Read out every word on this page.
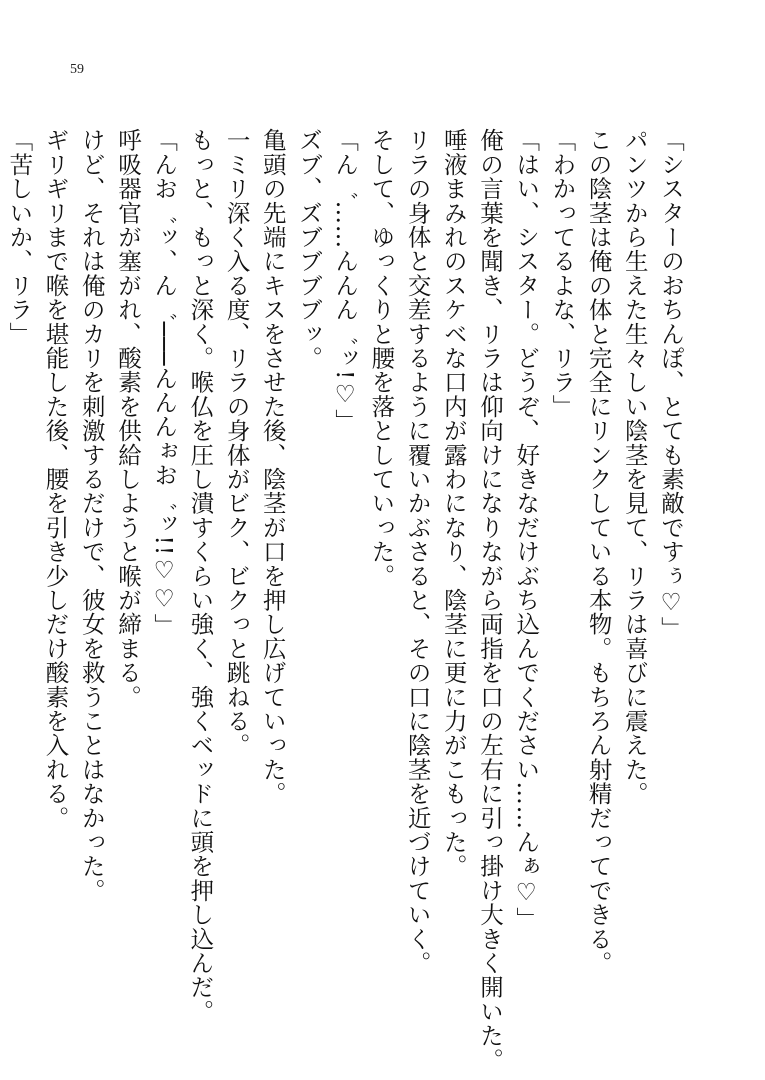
59
「シスターのおちんぽ、とても素敵ですぅ♡」
パンツから生えた生々しい陰茎を見て、リラは喜びに震えた。
この陰茎は俺の体と完全にリンクしている本物。もちろん射精だってできる。
「わかってるよな、リラ」
「はい、シスター。どうぞ、好きなだけぶち込んでください……んぁ♡」
俺の言葉を聞き、リラは仰向けになりながら両指を口の左右に引っ掛け大きく開いた。
唾液まみれのスケベな口内が露わになり、陰茎に更に力がこもった。
リラの身体と交差するように覆いかぶさると、その口に陰茎を近づけていく。
そして、ゆっくりと腰を落としていった。
「ん゛……んんん゛ッ!♡」
ズブ、ズブブブブッ。
亀頭の先端にキスをさせた後、陰茎が口を押し広げていった。
一ミリ深く入る度、リラの身体がビク、ビクっと跳ねる。
もっと、もっと深く。喉仏を圧し潰すくらい強く、強くベッドに頭を押し込んだ。
「んお゛ッ、ん゛───んんんぉお゛ッ!!♡♡」
呼吸器官が塞がれ、酸素を供給しようと喉が締まる。
けど、それは俺のカリを刺激するだけで、彼女を救うことはなかった。
ギリギリまで喉を堪能した後、腰を引き少しだけ酸素を入れる。
「苦しいか、リラ」
